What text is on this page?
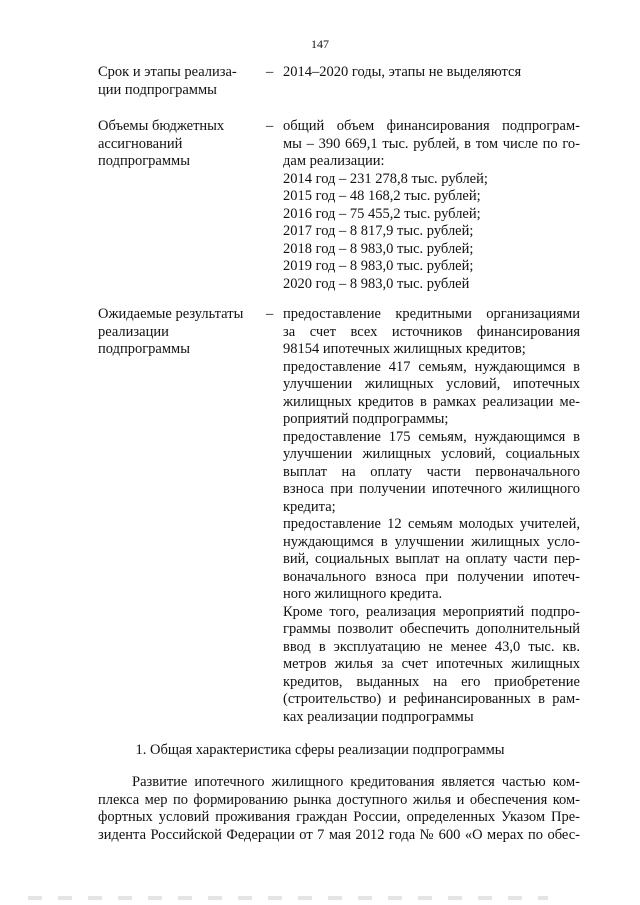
147
Срок и этапы реализа-
ции подпрограммы
– 2014–2020 годы, этапы не выделяются
Объемы бюджетных
ассигнований
подпрограммы
– общий объем финансирования подпрограм-
мы – 390 669,1 тыс. рублей, в том числе по го-
дам реализации:
2014 год – 231 278,8 тыс. рублей;
2015 год – 48 168,2 тыс. рублей;
2016 год – 75 455,2 тыс. рублей;
2017 год – 8 817,9 тыс. рублей;
2018 год – 8 983,0 тыс. рублей;
2019 год – 8 983,0 тыс. рублей;
2020 год – 8 983,0 тыс. рублей
Ожидаемые результаты
реализации
подпрограммы
– предоставление кредитными организациями
за счет всех источников финансирования
98154 ипотечных жилищных кредитов;
предоставление 417 семьям, нуждающимся в
улучшении жилищных условий, ипотечных
жилищных кредитов в рамках реализации ме-
роприятий подпрограммы;
предоставление 175 семьям, нуждающимся в
улучшении жилищных условий, социальных
выплат на оплату части первоначального
взноса при получении ипотечного жилищного
кредита;
предоставление 12 семьям молодых учителей,
нуждающимся в улучшении жилищных усло-
вий, социальных выплат на оплату части пер-
воначального взноса при получении ипотеч-
ного жилищного кредита.
Кроме того, реализация мероприятий подпро-
граммы позволит обеспечить дополнительный
ввод в эксплуатацию не менее 43,0 тыс. кв.
метров жилья за счет ипотечных жилищных
кредитов, выданных на его приобретение
(строительство) и рефинансированных в рам-
ках реализации подпрограммы
1. Общая характеристика сферы реализации подпрограммы
Развитие ипотечного жилищного кредитования является частью ком-
плекса мер по формированию рынка доступного жилья и обеспечения ком-
фортных условий проживания граждан России, определенных Указом Пре-
зидента Российской Федерации от 7 мая 2012 года № 600 «О мерах по обес-
